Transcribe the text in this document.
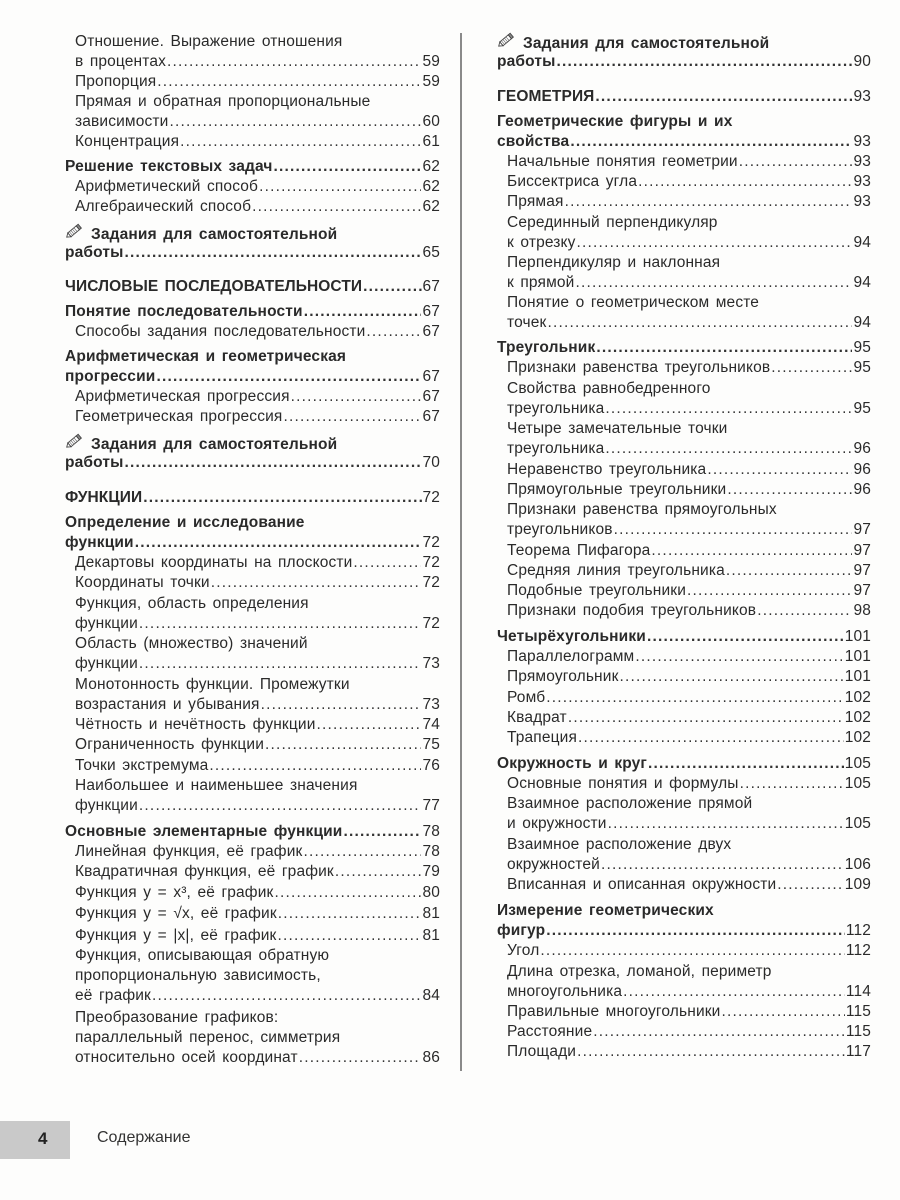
Отношение. Выражение отношения
в процентах .....	59
Пропорция .....	59
Прямая и обратная пропорциональные
зависимости .....	60
Концентрация .....	61
Решение текстовых задач .....	62
Арифметический способ .....	62
Алгебраический способ .....	62
Задания для самостоятельной
работы .....	65
ЧИСЛОВЫЕ ПОСЛЕДОВАТЕЛЬНОСТИ .....	67
Понятие последовательности .....	67
Способы задания последовательности .....	67
Арифметическая и геометрическая
прогрессии .....	67
Арифметическая прогрессия .....	67
Геометрическая прогрессия .....	67
Задания для самостоятельной
работы .....	70
ФУНКЦИИ .....	72
Определение и исследование
функции .....	72
Декартовы координаты на плоскости .....	72
Координаты точки .....	72
Функция, область определения
функции .....	72
Область (множество) значений
функции .....	73
Монотонность функции. Промежутки
возрастания и убывания .....	73
Чётность и нечётность функции .....	74
Ограниченность функции .....	75
Точки экстремума .....	76
Наибольшее и наименьшее значения
функции .....	77
Основные элементарные функции .....	78
Линейная функция, её график .....	78
Квадратичная функция, её график .....	79
Функция y = x³, её график .....	80
Функция y = √x, её график .....	81
Функция y = |x|, её график .....	81
Функция, описывающая обратную
пропорциональную зависимость,
её график .....	84
Преобразование графиков:
параллельный перенос, симметрия
относительно осей координат .....	86
Задания для самостоятельной
работы .....	90
ГЕОМЕТРИЯ .....	93
Геометрические фигуры и их
свойства .....	93
Начальные понятия геометрии .....	93
Биссектриса угла .....	93
Прямая .....	93
Серединный перпендикуляр
к отрезку .....	94
Перпендикуляр и наклонная
к прямой .....	94
Понятие о геометрическом месте
точек .....	94
Треугольник .....	95
Признаки равенства треугольников .....	95
Свойства равнобедренного
треугольника .....	95
Четыре замечательные точки
треугольника .....	96
Неравенство треугольника .....	96
Прямоугольные треугольники .....	96
Признаки равенства прямоугольных
треугольников .....	97
Теорема Пифагора .....	97
Средняя линия треугольника .....	97
Подобные треугольники .....	97
Признаки подобия треугольников .....	98
Четырёхугольники .....	101
Параллелограмм .....	101
Прямоугольник .....	101
Ромб .....	102
Квадрат .....	102
Трапеция .....	102
Окружность и круг .....	105
Основные понятия и формулы .....	105
Взаимное расположение прямой
и окружности .....	105
Взаимное расположение двух
окружностей .....	106
Вписанная и описанная окружности .....	109
Измерение геометрических
фигур .....	112
Угол .....	112
Длина отрезка, ломаной, периметр
многоугольника .....	114
Правильные многоугольники .....	115
Расстояние .....	115
Площади .....	117
4	Содержание
